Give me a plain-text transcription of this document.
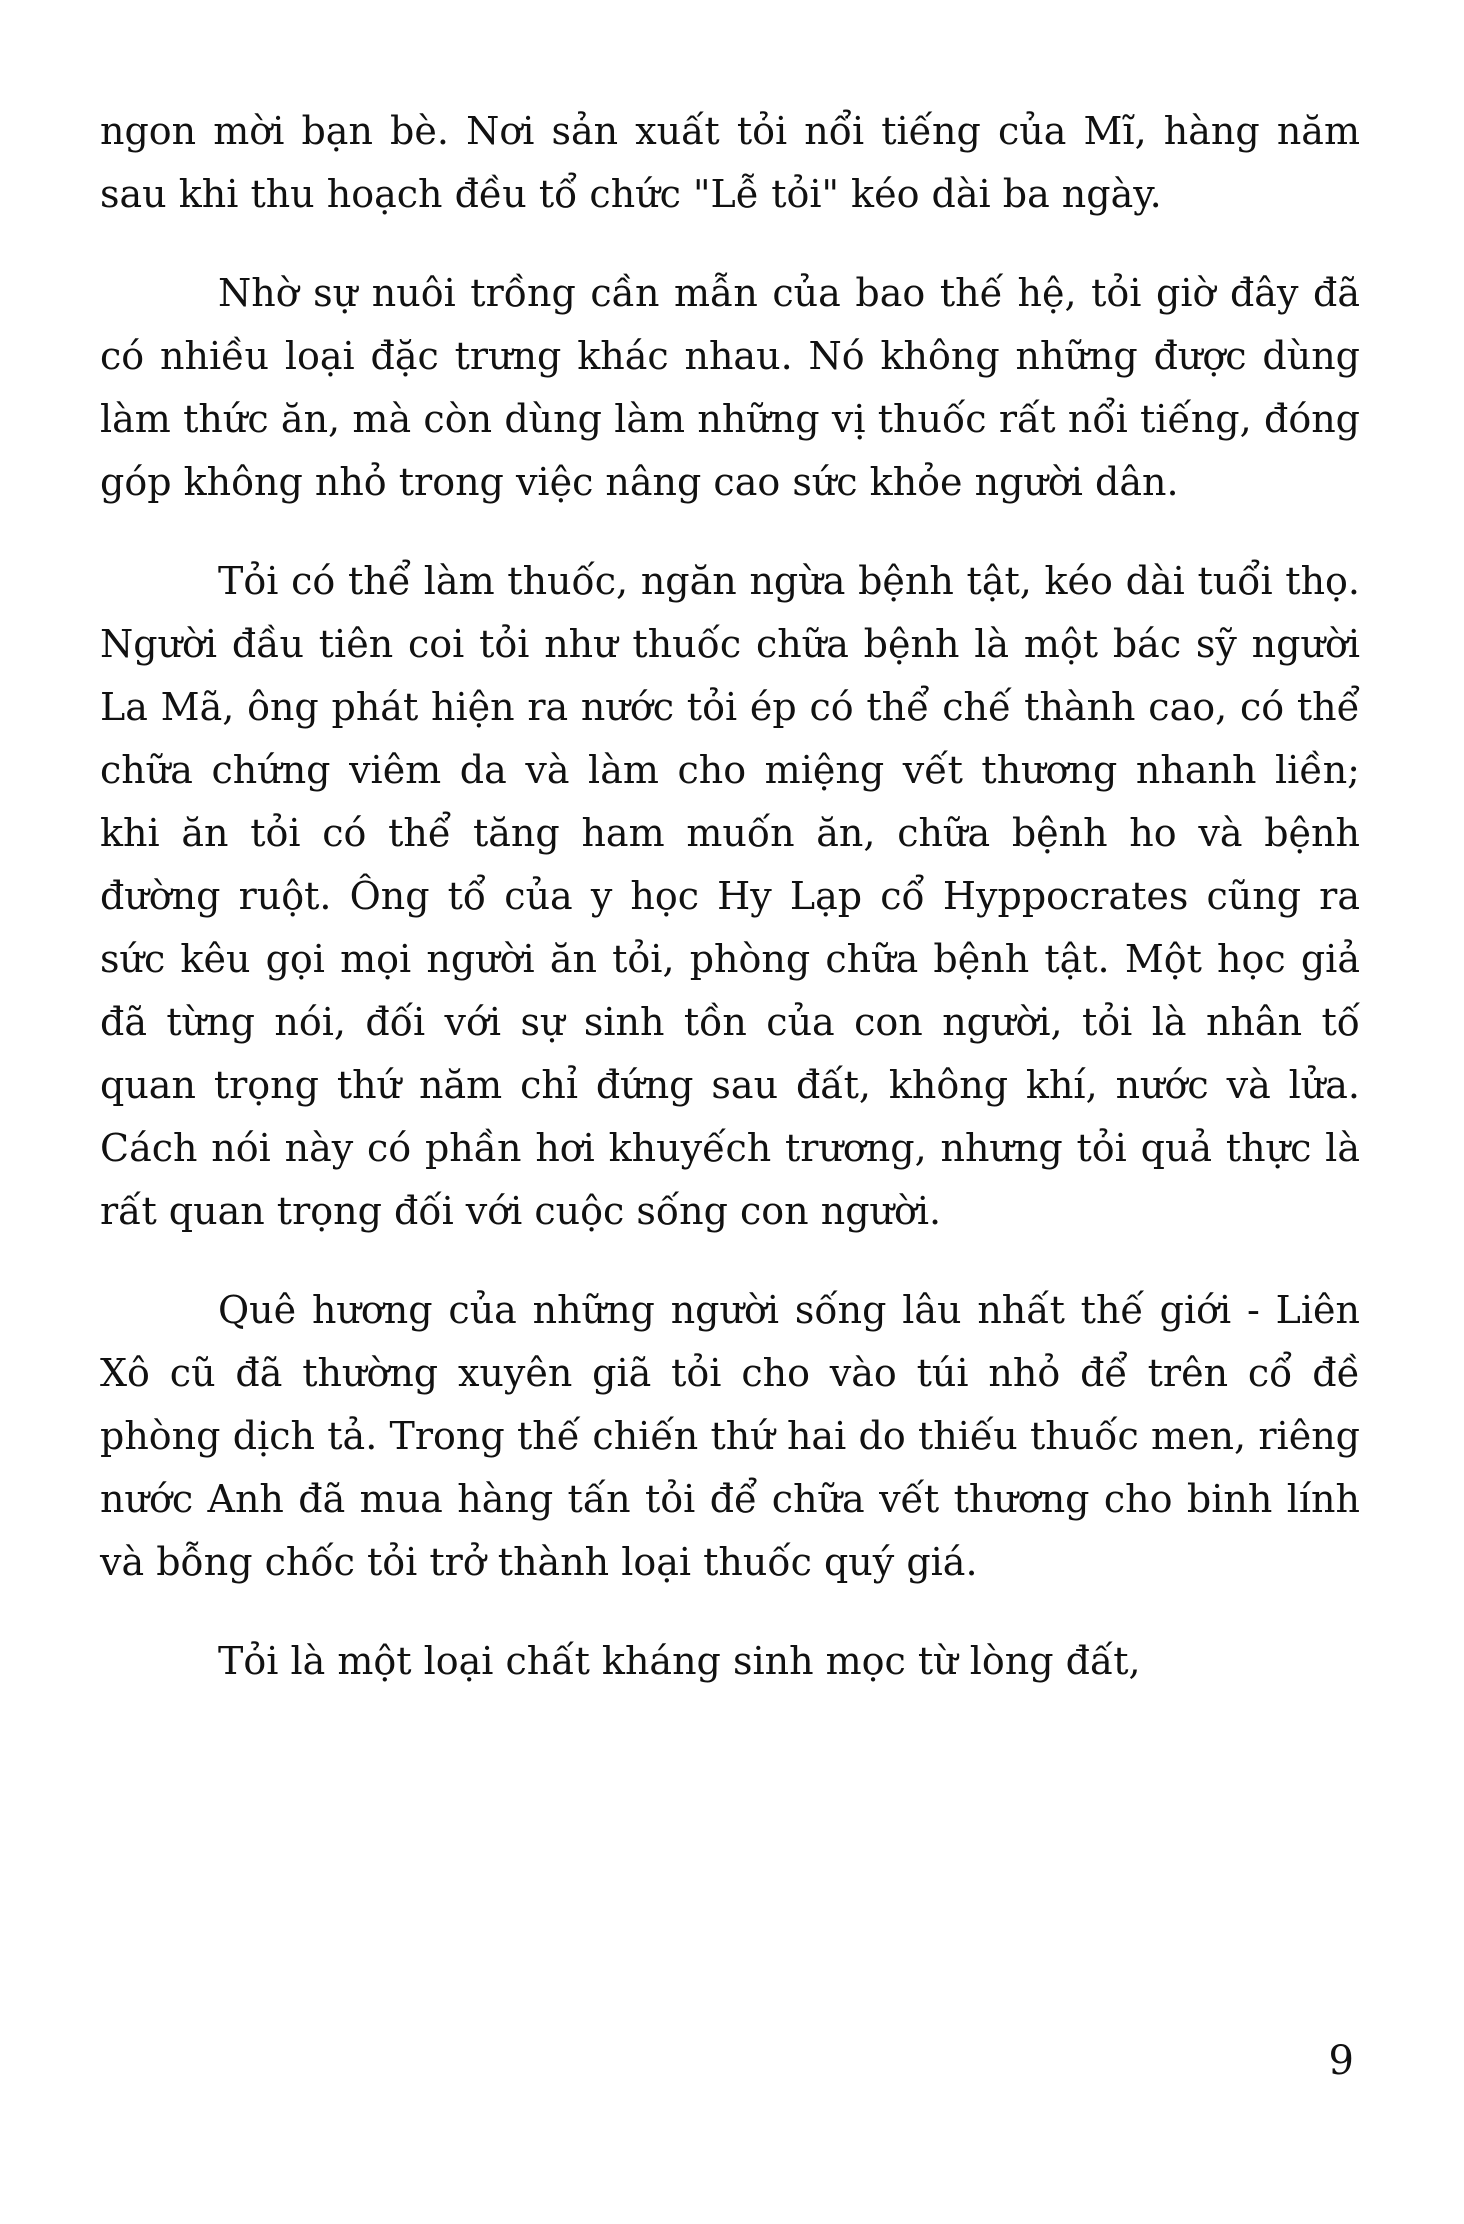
ngon mời bạn bè. Nơi sản xuất tỏi nổi tiếng của Mĩ, hàng năm sau khi thu hoạch đều tổ chức "Lễ tỏi" kéo dài ba ngày.

Nhờ sự nuôi trồng cần mẫn của bao thế hệ, tỏi giờ đây đã có nhiều loại đặc trưng khác nhau. Nó không những được dùng làm thức ăn, mà còn dùng làm những vị thuốc rất nổi tiếng, đóng góp không nhỏ trong việc nâng cao sức khỏe người dân.

Tỏi có thể làm thuốc, ngăn ngừa bệnh tật, kéo dài tuổi thọ. Người đầu tiên coi tỏi như thuốc chữa bệnh là một bác sỹ người La Mã, ông phát hiện ra nước tỏi ép có thể chế thành cao, có thể chữa chứng viêm da và làm cho miệng vết thương nhanh liền; khi ăn tỏi có thể tăng ham muốn ăn, chữa bệnh ho và bệnh đường ruột. Ông tổ của y học Hy Lạp cổ Hyppocrates cũng ra sức kêu gọi mọi người ăn tỏi, phòng chữa bệnh tật. Một học giả đã từng nói, đối với sự sinh tồn của con người, tỏi là nhân tố quan trọng thứ năm chỉ đứng sau đất, không khí, nước và lửa. Cách nói này có phần hơi khuyếch trương, nhưng tỏi quả thực là rất quan trọng đối với cuộc sống con người.

Quê hương của những người sống lâu nhất thế giới - Liên Xô cũ đã thường xuyên giã tỏi cho vào túi nhỏ để trên cổ đề phòng dịch tả. Trong thế chiến thứ hai do thiếu thuốc men, riêng nước Anh đã mua hàng tấn tỏi để chữa vết thương cho binh lính và bỗng chốc tỏi trở thành loại thuốc quý giá.

Tỏi là một loại chất kháng sinh mọc từ lòng đất,

9
